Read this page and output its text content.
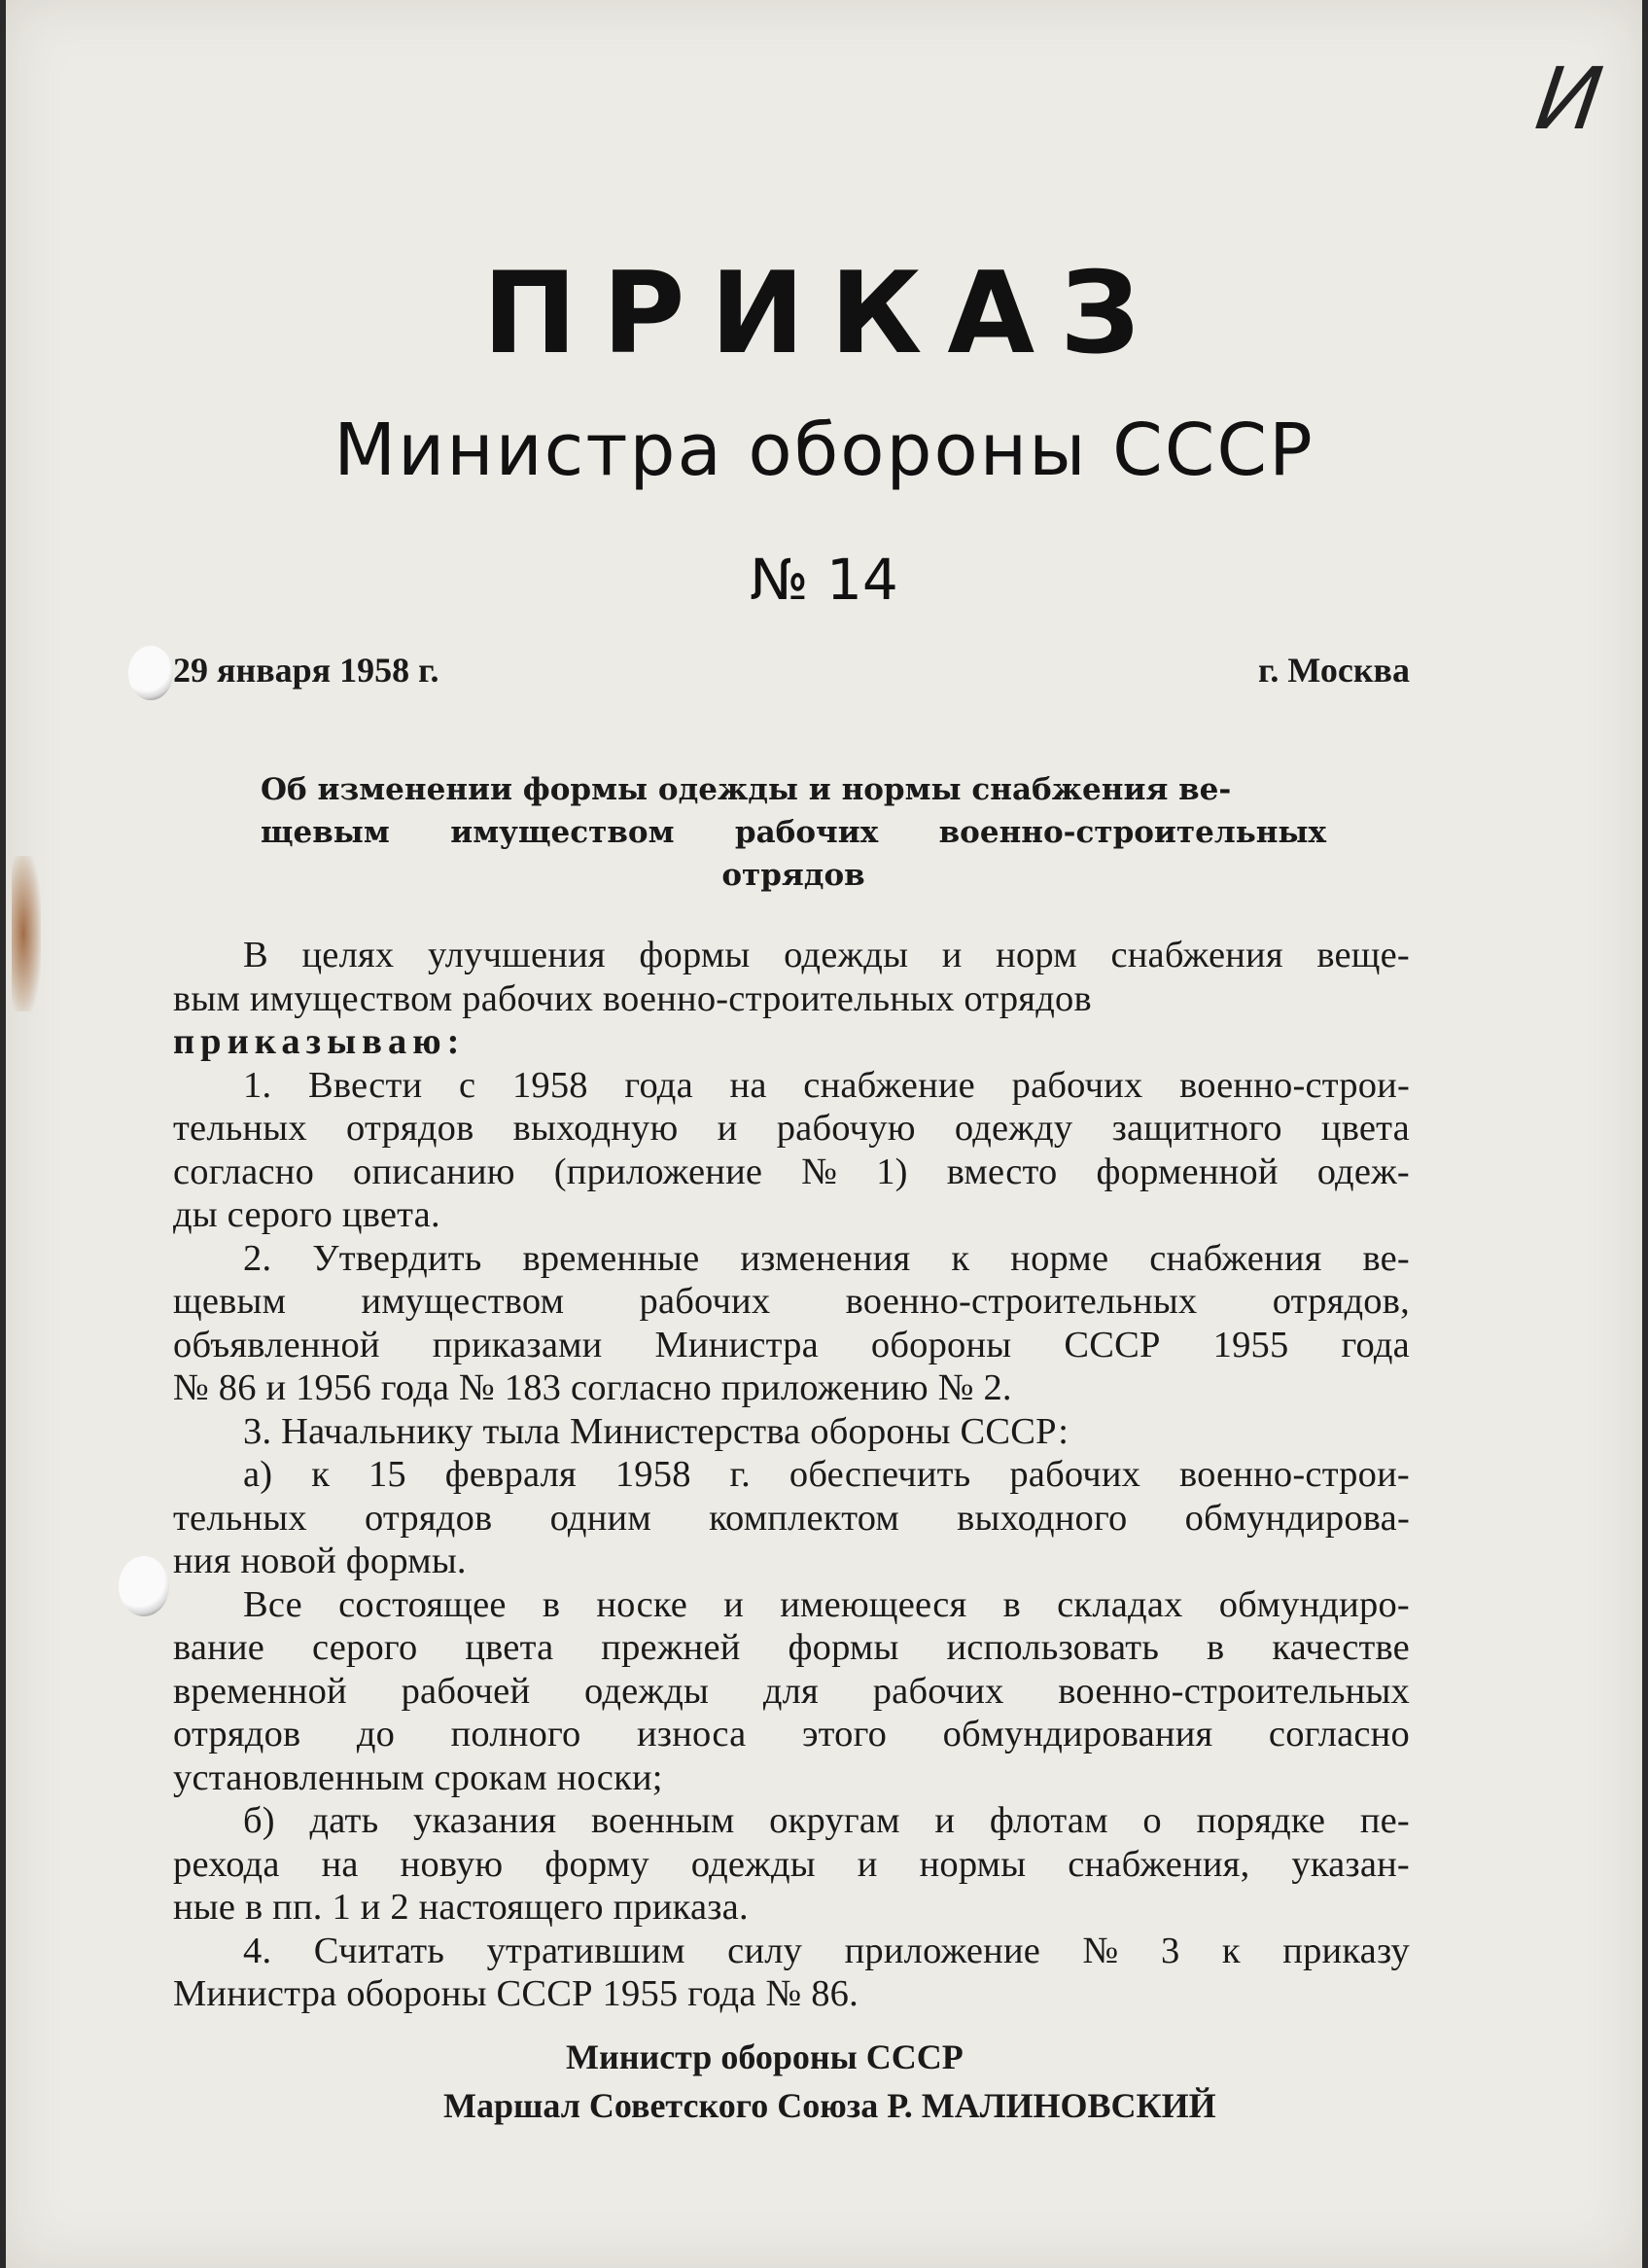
И
ПРИКАЗ
Министра обороны СССР
№ 14
29 января 1958 г.	г. Москва
Об изменении формы одежды и нормы снабжения ве-
щевым имуществом рабочих военно-строительных
отрядов
В целях улучшения формы одежды и норм снабжения веще-
вым имуществом рабочих военно-строительных отрядов
приказываю:
1. Ввести с 1958 года на снабжение рабочих военно-строи-
тельных отрядов выходную и рабочую одежду защитного цвета
согласно описанию (приложение № 1) вместо форменной одеж-
ды серого цвета.
2. Утвердить временные изменения к норме снабжения ве-
щевым имуществом рабочих военно-строительных отрядов,
объявленной приказами Министра обороны СССР 1955 года
№ 86 и 1956 года № 183 согласно приложению № 2.
3. Начальнику тыла Министерства обороны СССР:
а) к 15 февраля 1958 г. обеспечить рабочих военно-строи-
тельных отрядов одним комплектом выходного обмундирова-
ния новой формы.
Все состоящее в носке и имеющееся в складах обмундиро-
вание серого цвета прежней формы использовать в качестве
временной рабочей одежды для рабочих военно-строительных
отрядов до полного износа этого обмундирования согласно
установленным срокам носки;
б) дать указания военным округам и флотам о порядке пе-
рехода на новую форму одежды и нормы снабжения, указан-
ные в пп. 1 и 2 настоящего приказа.
4. Считать утратившим силу приложение № 3 к приказу
Министра обороны СССР 1955 года № 86.
Министр обороны СССР
Маршал Советского Союза Р. МАЛИНОВСКИЙ
